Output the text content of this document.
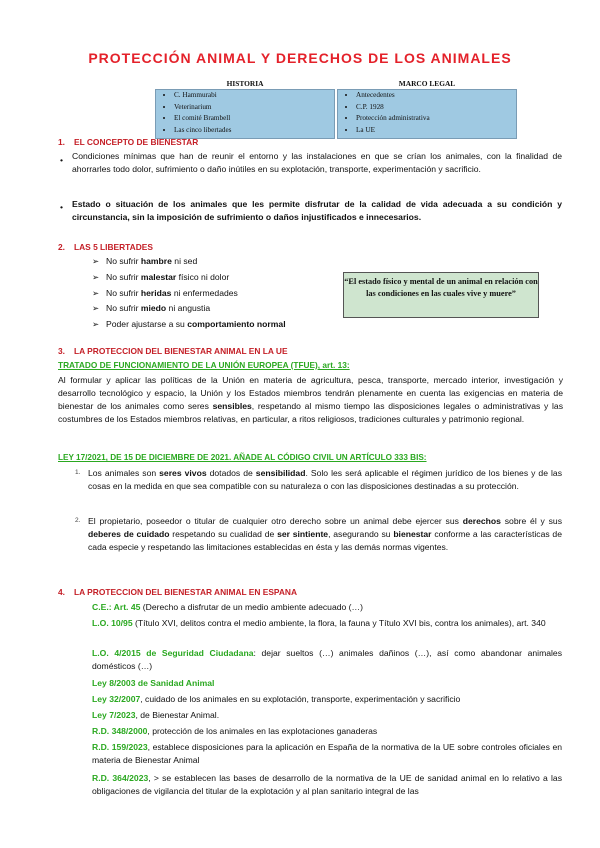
PROTECCIÓN ANIMAL Y DERECHOS DE LOS ANIMALES
HISTORIA
• C. Hammurabi
• Veterinarium
• El comité Brambell
• Las cinco libertades
MARCO LEGAL
• Antecedentes
• C.P. 1928
• Protección administrativa
• La UE
1. EL CONCEPTO DE BIENESTAR
• Condiciones mínimas que han de reunir el entorno y las instalaciones en que se crían los animales, con la finalidad de ahorrarles todo dolor, sufrimiento o daño inútiles en su explotación, transporte, experimentación y sacrificio.
• Estado o situación de los animales que les permite disfrutar de la calidad de vida adecuada a su condición y circunstancia, sin la imposición de sufrimiento o daños injustificados e innecesarios.
2. LAS 5 LIBERTADES
➢ No sufrir hambre ni sed
➢ No sufrir malestar físico ni dolor
➢ No sufrir heridas ni enfermedades
➢ No sufrir miedo ni angustia
➢ Poder ajustarse a su comportamiento normal
“El estado físico y mental de un animal en relación con las condiciones en las cuales vive y muere”
3. LA PROTECCION DEL BIENESTAR ANIMAL EN LA UE
TRATADO DE FUNCIONAMIENTO DE LA UNIÓN EUROPEA (TFUE), art. 13:
Al formular y aplicar las políticas de la Unión en materia de agricultura, pesca, transporte, mercado interior, investigación y desarrollo tecnológico y espacio, la Unión y los Estados miembros tendrán plenamente en cuenta las exigencias en materia de bienestar de los animales como seres sensibles, respetando al mismo tiempo las disposiciones legales o administrativas y las costumbres de los Estados miembros relativas, en particular, a ritos religiosos, tradiciones culturales y patrimonio regional.
LEY 17/2021, DE 15 DE DICIEMBRE DE 2021. AÑADE AL CÓDIGO CIVIL UN ARTÍCULO 333 BIS:
1. Los animales son seres vivos dotados de sensibilidad. Solo les será aplicable el régimen jurídico de los bienes y de las cosas en la medida en que sea compatible con su naturaleza o con las disposiciones destinadas a su protección.
2. El propietario, poseedor o titular de cualquier otro derecho sobre un animal debe ejercer sus derechos sobre él y sus deberes de cuidado respetando su cualidad de ser sintiente, asegurando su bienestar conforme a las características de cada especie y respetando las limitaciones establecidas en ésta y las demás normas vigentes.
4. LA PROTECCION DEL BIENESTAR ANIMAL EN ESPANA
C.E.: Art. 45 (Derecho a disfrutar de un medio ambiente adecuado (…)
L.O. 10/95 (Título XVI, delitos contra el medio ambiente, la flora, la fauna y Título XVI bis, contra los animales), art. 340
L.O. 4/2015 de Seguridad Ciudadana: dejar sueltos (…) animales dañinos (…), así como abandonar animales domésticos (…)
Ley 8/2003 de Sanidad Animal
Ley 32/2007, cuidado de los animales en su explotación, transporte, experimentación y sacrificio
Ley 7/2023, de Bienestar Animal.
R.D. 348/2000, protección de los animales en las explotaciones ganaderas
R.D. 159/2023, establece disposiciones para la aplicación en España de la normativa de la UE sobre controles oficiales en materia de Bienestar Animal
R.D. 364/2023, > se establecen las bases de desarrollo de la normativa de la UE de sanidad animal en lo relativo a las obligaciones de vigilancia del titular de la explotación y al plan sanitario integral de las
